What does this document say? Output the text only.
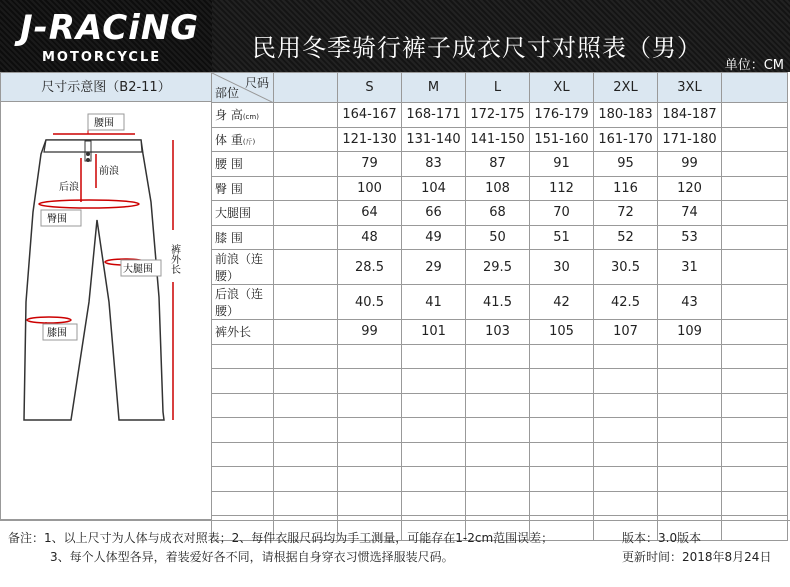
J-RACiNG
MOTORCYCLE	民用冬季骑行裤子成衣尺寸对照表（男）
单位：CM
尺寸示意图（B2-11）
腰围
前浪
后浪
臀围
大腿围 裤外长
膝围
尺码
部位		S	M	L	XL	2XL	3XL	
身 高(cm)		164-167	168-171	172-175	176-179	180-183	184-187	
体 重(斤)		121-130	131-140	141-150	151-160	161-170	171-180	
腰 围		79	83	87	91	95	99	
臀 围		100	104	108	112	116	120	
大腿围		64	66	68	70	72	74	
膝 围		48	49	50	51	52	53	
前浪（连腰）		28.5	29	29.5	30	30.5	31	
后浪（连腰）		40.5	41	41.5	42	42.5	43	
裤外长		99	101	103	105	107	109	

备注：1、以上尺寸为人体与成衣对照表；2、每件衣服尺码均为手工测量，可能存在1-2cm范围误差；
3、每个人体型各异，着装爱好各不同，请根据自身穿衣习惯选择服装尺码。
版本：3.0版本
更新时间：2018年8月24日
